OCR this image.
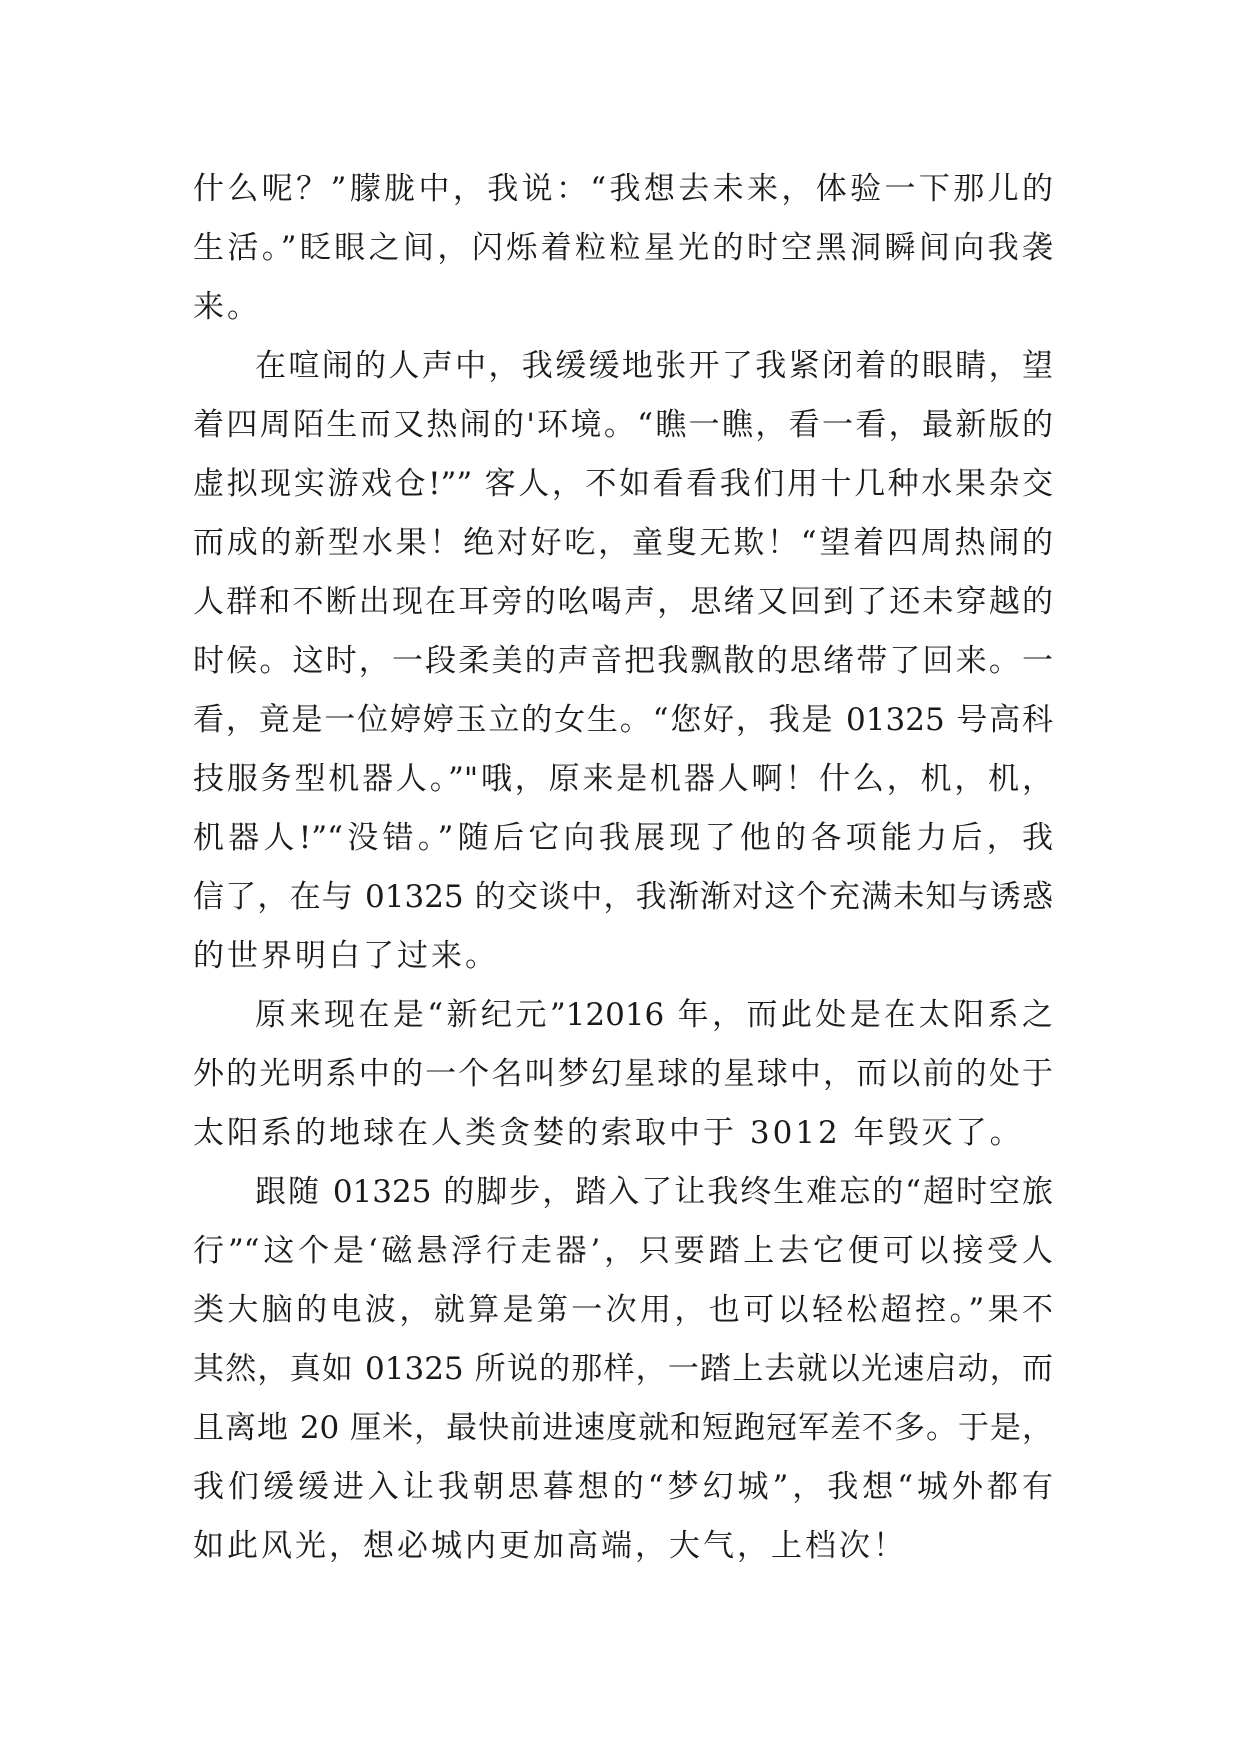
什么呢？”朦胧中，我说：“我想去未来，体验一下那儿的
生活。”眨眼之间，闪烁着粒粒星光的时空黑洞瞬间向我袭
来。
在喧闹的人声中，我缓缓地张开了我紧闭着的眼睛，望
着四周陌生而又热闹的'环境。“瞧一瞧，看一看，最新版的
虚拟现实游戏仓!”” 客人，不如看看我们用十几种水果杂交
而成的新型水果！绝对好吃，童叟无欺！“望着四周热闹的
人群和不断出现在耳旁的吆喝声，思绪又回到了还未穿越的
时候。这时，一段柔美的声音把我飘散的思绪带了回来。一
看，竟是一位婷婷玉立的女生。“您好，我是 01325 号高科
技服务型机器人。”"哦，原来是机器人啊！什么，机，机，
机器人!”“没错。”随后它向我展现了他的各项能力后，我
信了，在与 01325 的交谈中，我渐渐对这个充满未知与诱惑
的世界明白了过来。
原来现在是“新纪元”12016 年，而此处是在太阳系之
外的光明系中的一个名叫梦幻星球的星球中，而以前的处于
太阳系的地球在人类贪婪的索取中于 3012 年毁灭了。
跟随 01325 的脚步，踏入了让我终生难忘的“超时空旅
行”“这个是‘磁悬浮行走器’，只要踏上去它便可以接受人
类大脑的电波，就算是第一次用，也可以轻松超控。”果不
其然，真如 01325 所说的那样，一踏上去就以光速启动，而
且离地 20 厘米，最快前进速度就和短跑冠军差不多。于是，
我们缓缓进入让我朝思暮想的“梦幻城”，我想“城外都有
如此风光，想必城内更加高端，大气，上档次！
